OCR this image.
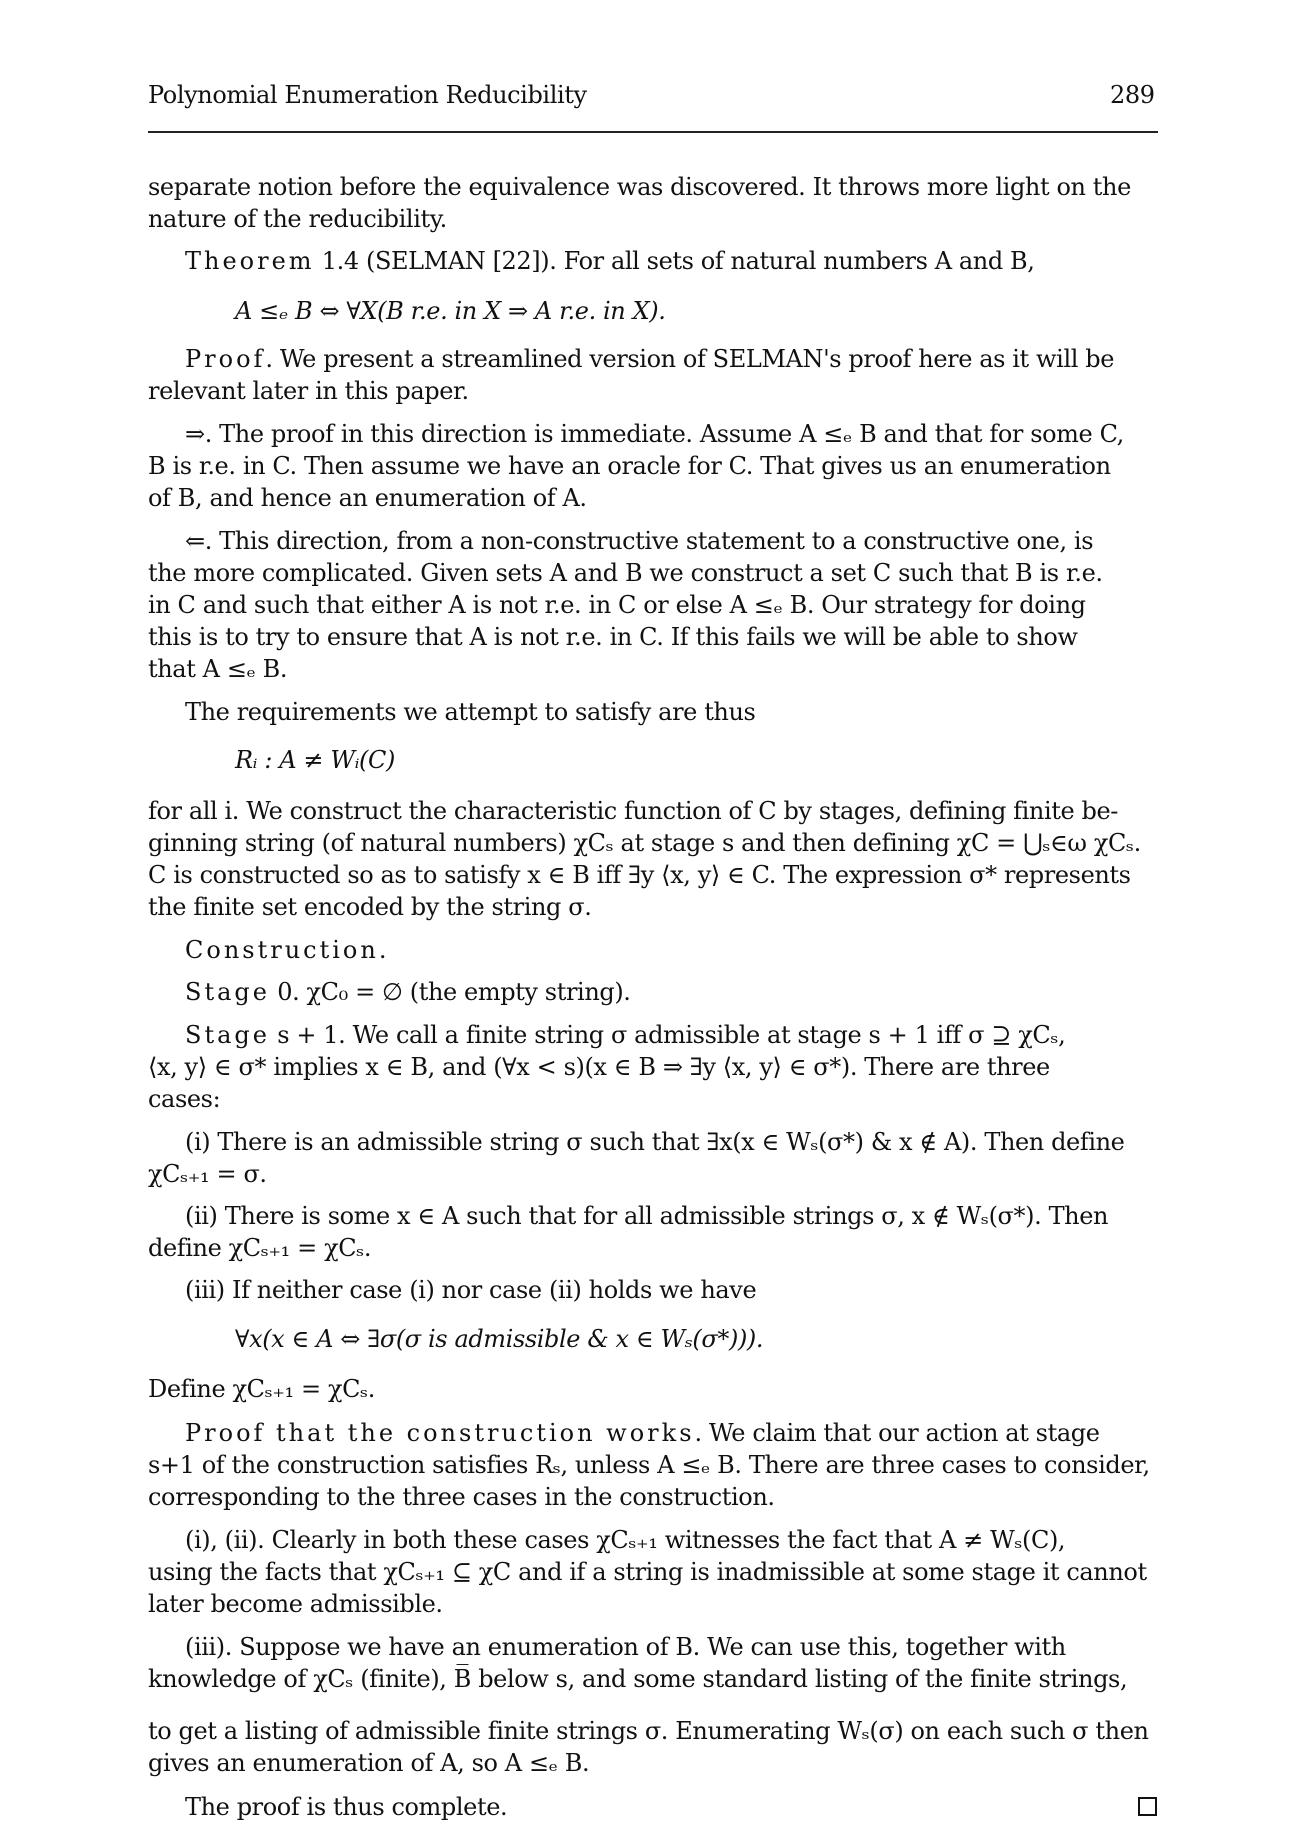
Polynomial Enumeration Reducibility	289
separate notion before the equivalence was discovered. It throws more light on the
nature of the reducibility.
Theorem 1.4 (SELMAN [22]). For all sets of natural numbers A and B,
A ≤ₑ B ⇔ ∀X(B r.e. in X ⇒ A r.e. in X).
Proof. We present a streamlined version of SELMAN's proof here as it will be
relevant later in this paper.
⇒. The proof in this direction is immediate. Assume A ≤ₑ B and that for some C,
B is r.e. in C. Then assume we have an oracle for C. That gives us an enumeration
of B, and hence an enumeration of A.
⇐. This direction, from a non-constructive statement to a constructive one, is
the more complicated. Given sets A and B we construct a set C such that B is r.e.
in C and such that either A is not r.e. in C or else A ≤ₑ B. Our strategy for doing
this is to try to ensure that A is not r.e. in C. If this fails we will be able to show
that A ≤ₑ B.
The requirements we attempt to satisfy are thus
Rᵢ : A ≠ Wᵢ(C)
for all i. We construct the characteristic function of C by stages, defining finite be-
ginning string (of natural numbers) χCₛ at stage s and then defining χC = ⋃ₛ∈ω χCₛ.
C is constructed so as to satisfy x ∈ B iff ∃y ⟨x, y⟩ ∈ C. The expression σ* represents
the finite set encoded by the string σ.
Construction.
Stage 0. χC₀ = ∅ (the empty string).
Stage s + 1. We call a finite string σ admissible at stage s + 1 iff σ ⊇ χCₛ,
⟨x, y⟩ ∈ σ* implies x ∈ B, and (∀x < s)(x ∈ B ⇒ ∃y ⟨x, y⟩ ∈ σ*). There are three
cases:
(i) There is an admissible string σ such that ∃x(x ∈ Wₛ(σ*) & x ∉ A). Then define
χCₛ₊₁ = σ.
(ii) There is some x ∈ A such that for all admissible strings σ, x ∉ Wₛ(σ*). Then
define χCₛ₊₁ = χCₛ.
(iii) If neither case (i) nor case (ii) holds we have
∀x(x ∈ A ⇔ ∃σ(σ is admissible & x ∈ Wₛ(σ*))).
Define χCₛ₊₁ = χCₛ.
Proof that the construction works. We claim that our action at stage
s+1 of the construction satisfies Rₛ, unless A ≤ₑ B. There are three cases to consider,
corresponding to the three cases in the construction.
(i), (ii). Clearly in both these cases χCₛ₊₁ witnesses the fact that A ≠ Wₛ(C),
using the facts that χCₛ₊₁ ⊆ χC and if a string is inadmissible at some stage it cannot
later become admissible.
(iii). Suppose we have an enumeration of B. We can use this, together with
knowledge of χCₛ (finite), B̅ below s, and some standard listing of the finite strings,
to get a listing of admissible finite strings σ. Enumerating Wₛ(σ) on each such σ then
gives an enumeration of A, so A ≤ₑ B.
The proof is thus complete.
